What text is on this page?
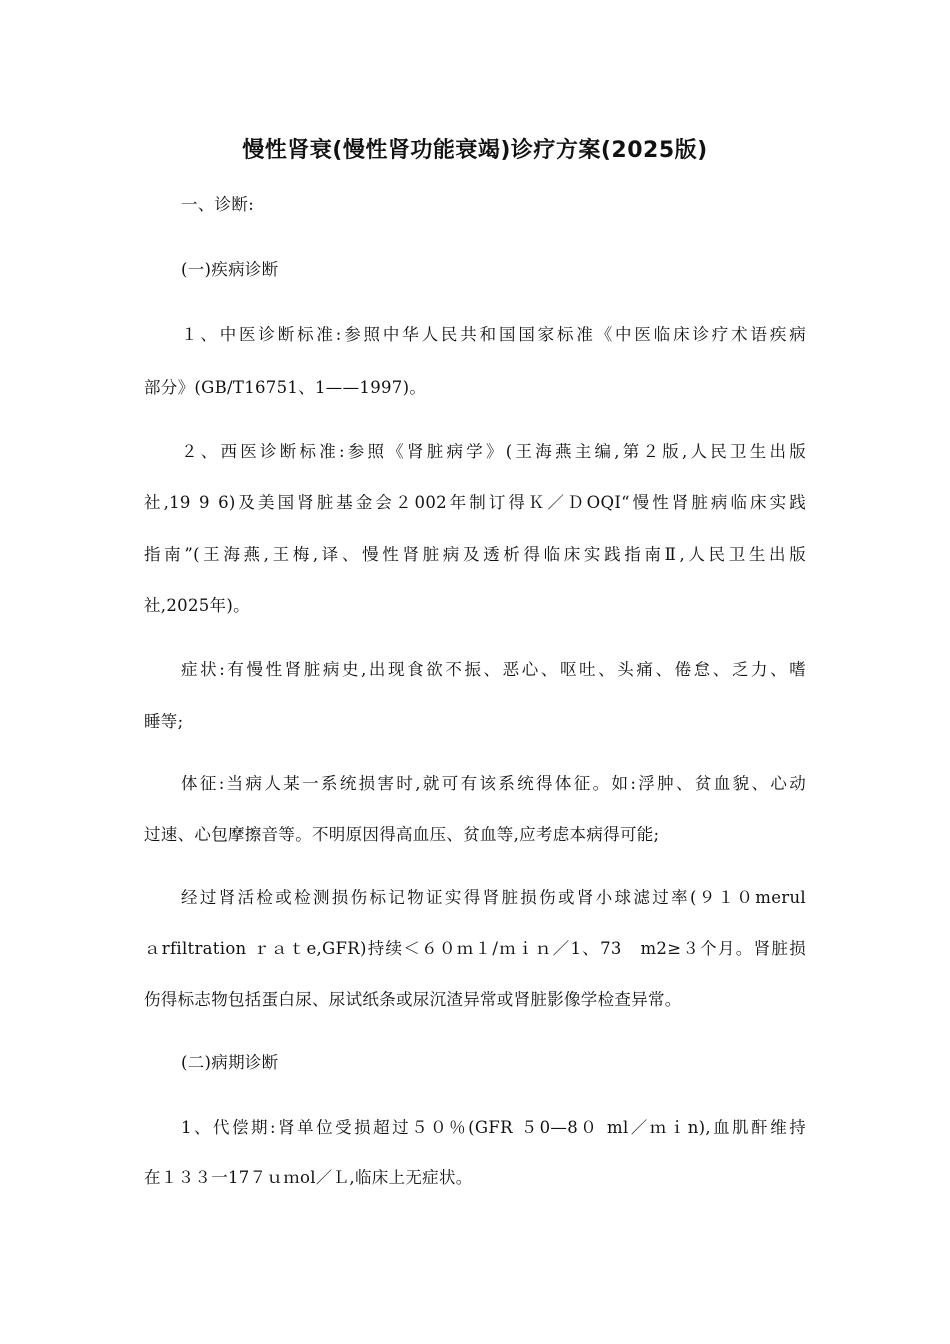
慢性肾衰(慢性肾功能衰竭)诊疗方案(2025版)
一、诊断:
(一)疾病诊断
１、中医诊断标准:参照中华人民共和国国家标准《中医临床诊疗术语疾病
部分》(GB/T16751、1——1997)。
２、西医诊断标准:参照《肾脏病学》(王海燕主编,第２版,人民卫生出版
社,19 9 6)及美国肾脏基金会２002年制订得Ｋ／ＤOQI“慢性肾脏病临床实践
指南”(王海燕,王梅,译、慢性肾脏病及透析得临床实践指南Ⅱ,人民卫生出版
社,2025年)。
症状:有慢性肾脏病史,出现食欲不振、恶心、呕吐、头痛、倦怠、乏力、嗜
睡等;
体征:当病人某一系统损害时,就可有该系统得体征。如:浮肿、贫血貌、心动
过速、心包摩擦音等。不明原因得高血压、贫血等,应考虑本病得可能;
经过肾活检或检测损伤标记物证实得肾脏损伤或肾小球滤过率(９１０merul
ａrfiltration ｒａｔe,GFR)持续＜６０ｍ１/ｍｉｎ／1、73　m2≥３个月。肾脏损
伤得标志物包括蛋白尿、尿试纸条或尿沉渣异常或肾脏影像学检查异常。
(二)病期诊断
1、代偿期:肾单位受损超过５０％(GFR ５0—8０ ml／ｍｉn),血肌酐维持
在１３３一17７ｕｍol／Ｌ,临床上无症状。
